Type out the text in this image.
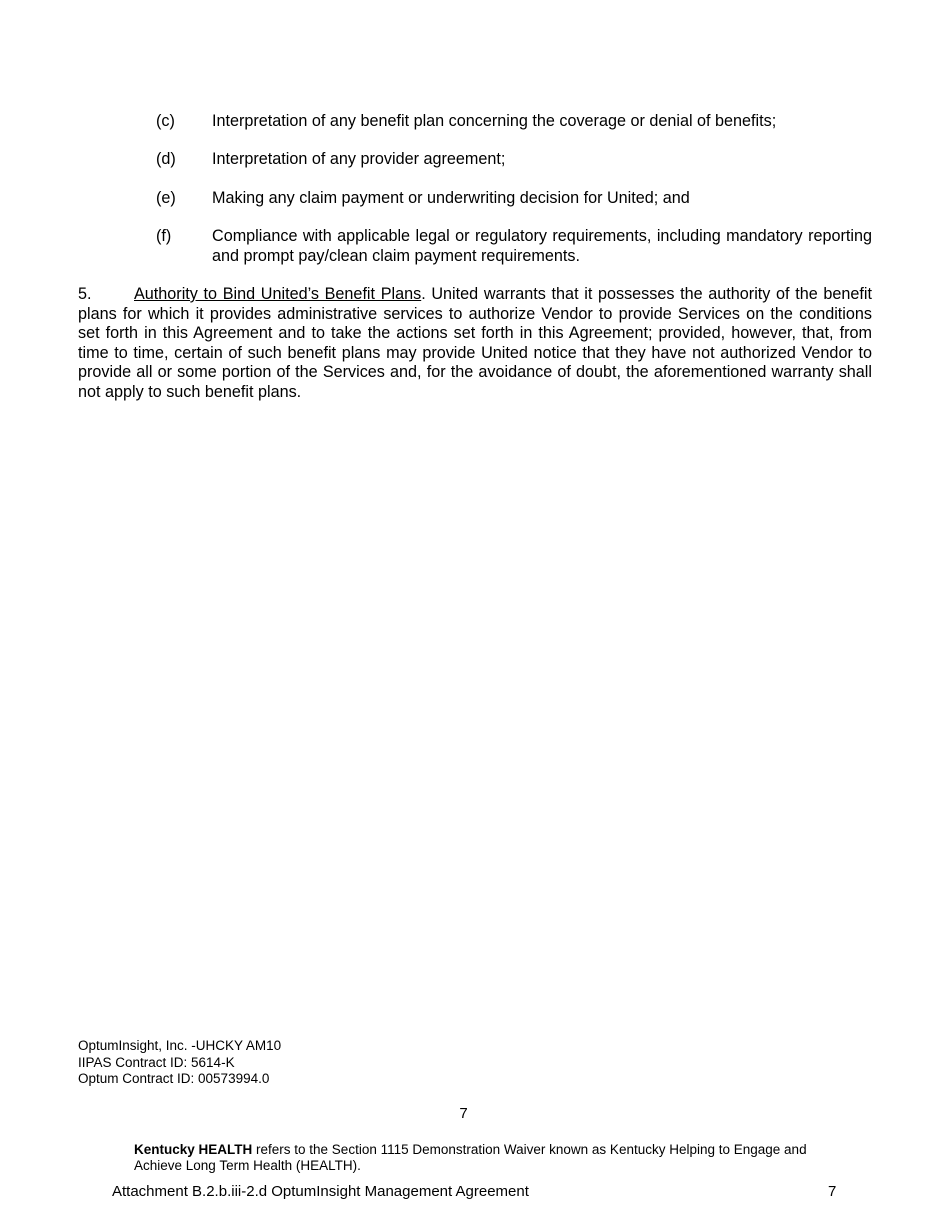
(c)	Interpretation of any benefit plan concerning the coverage or denial of benefits;
(d)	Interpretation of any provider agreement;
(e)	Making any claim payment or underwriting decision for United; and
(f)	Compliance with applicable legal or regulatory requirements, including mandatory reporting and prompt pay/clean claim payment requirements.
5.	Authority to Bind United’s Benefit Plans. United warrants that it possesses the authority of the benefit plans for which it provides administrative services to authorize Vendor to provide Services on the conditions set forth in this Agreement and to take the actions set forth in this Agreement; provided, however, that, from time to time, certain of such benefit plans may provide United notice that they have not authorized Vendor to provide all or some portion of the Services and, for the avoidance of doubt, the aforementioned warranty shall not apply to such benefit plans.
OptumInsight, Inc. -UHCKY AM10
IIPAS Contract ID: 5614-K
Optum Contract ID: 00573994.0
7
Kentucky HEALTH refers to the Section 1115 Demonstration Waiver known as Kentucky Helping to Engage and Achieve Long Term Health (HEALTH).
Attachment B.2.b.iii-2.d OptumInsight Management Agreement	7
